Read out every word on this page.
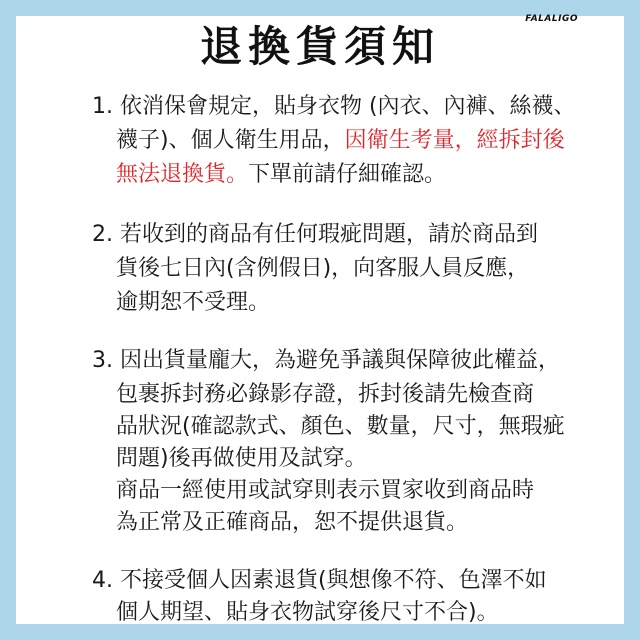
退換貨須知
FALALIGO
1. 依消保會規定，貼身衣物 (內衣、內褲、絲襪、
襪子)、個人衛生用品，因衛生考量，經拆封後
無法退換貨。下單前請仔細確認。
2. 若收到的商品有任何瑕疵問題，請於商品到
貨後七日內(含例假日)，向客服人員反應，
逾期恕不受理。
3. 因出貨量龐大，為避免爭議與保障彼此權益，
包裹拆封務必錄影存證，拆封後請先檢查商
品狀況(確認款式、顏色、數量，尺寸，無瑕疵
問題)後再做使用及試穿。
商品一經使用或試穿則表示買家收到商品時
為正常及正確商品，恕不提供退貨。
4. 不接受個人因素退貨(與想像不符、色澤不如
個人期望、貼身衣物試穿後尺寸不合)。
